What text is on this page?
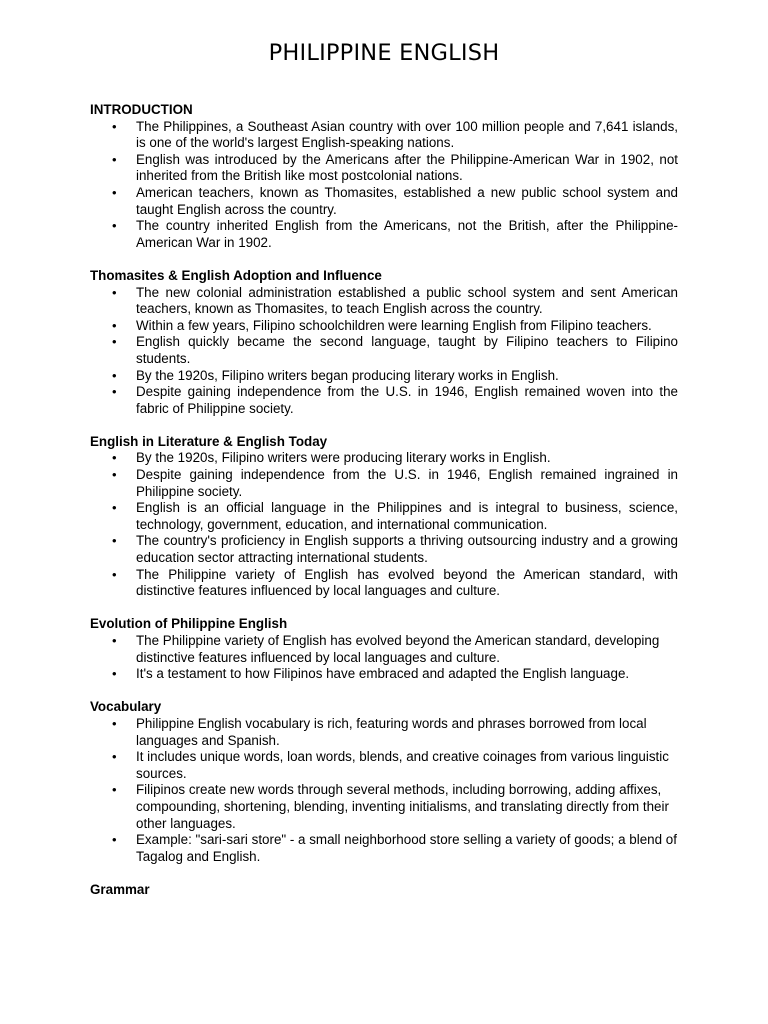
PHILIPPINE ENGLISH

INTRODUCTION

• The Philippines, a Southeast Asian country with over 100 million people and 7,641 islands, is one of the world's largest English-speaking nations.
• English was introduced by the Americans after the Philippine-American War in 1902, not inherited from the British like most postcolonial nations.
• American teachers, known as Thomasites, established a new public school system and taught English across the country.
• The country inherited English from the Americans, not the British, after the Philippine-American War in 1902.

Thomasites & English Adoption and Influence

• The new colonial administration established a public school system and sent American teachers, known as Thomasites, to teach English across the country.
• Within a few years, Filipino schoolchildren were learning English from Filipino teachers.
• English quickly became the second language, taught by Filipino teachers to Filipino students.
• By the 1920s, Filipino writers began producing literary works in English.
• Despite gaining independence from the U.S. in 1946, English remained woven into the fabric of Philippine society.

English in Literature & English Today

• By the 1920s, Filipino writers were producing literary works in English.
• Despite gaining independence from the U.S. in 1946, English remained ingrained in Philippine society.
• English is an official language in the Philippines and is integral to business, science, technology, government, education, and international communication.
• The country's proficiency in English supports a thriving outsourcing industry and a growing education sector attracting international students.
• The Philippine variety of English has evolved beyond the American standard, with distinctive features influenced by local languages and culture.

Evolution of Philippine English

• The Philippine variety of English has evolved beyond the American standard, developing distinctive features influenced by local languages and culture.
• It's a testament to how Filipinos have embraced and adapted the English language.

Vocabulary

• Philippine English vocabulary is rich, featuring words and phrases borrowed from local languages and Spanish.
• It includes unique words, loan words, blends, and creative coinages from various linguistic sources.
• Filipinos create new words through several methods, including borrowing, adding affixes, compounding, shortening, blending, inventing initialisms, and translating directly from their other languages.
• Example: "sari-sari store" - a small neighborhood store selling a variety of goods; a blend of Tagalog and English.

Grammar
